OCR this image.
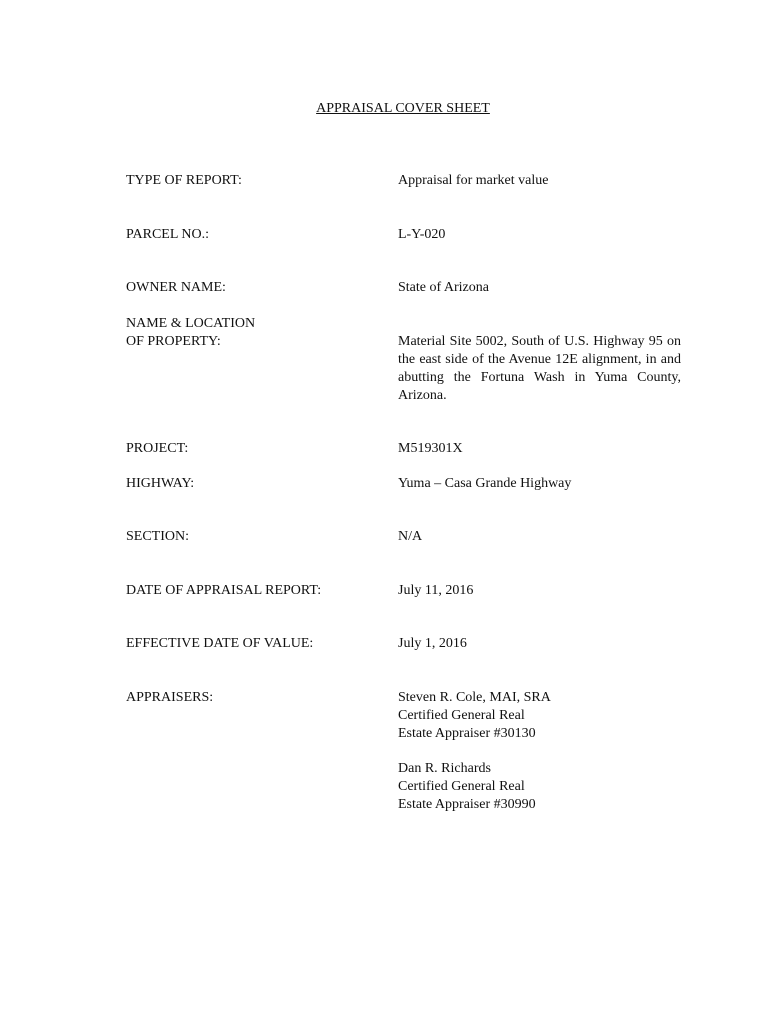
APPRAISAL COVER SHEET

TYPE OF REPORT:	Appraisal for market value

PARCEL NO.:	L-Y-020

OWNER NAME:	State of Arizona

NAME & LOCATION
OF PROPERTY:	Material Site 5002, South of U.S. Highway 95 on the east side of the Avenue 12E alignment, in and abutting the Fortuna Wash in Yuma County, Arizona.

PROJECT:	M519301X

HIGHWAY:	Yuma – Casa Grande Highway

SECTION:	N/A

DATE OF APPRAISAL REPORT:	July 11, 2016

EFFECTIVE DATE OF VALUE:	July 1, 2016

APPRAISERS:	Steven R. Cole, MAI, SRA
Certified General Real
Estate Appraiser #30130

Dan R. Richards
Certified General Real
Estate Appraiser #30990
